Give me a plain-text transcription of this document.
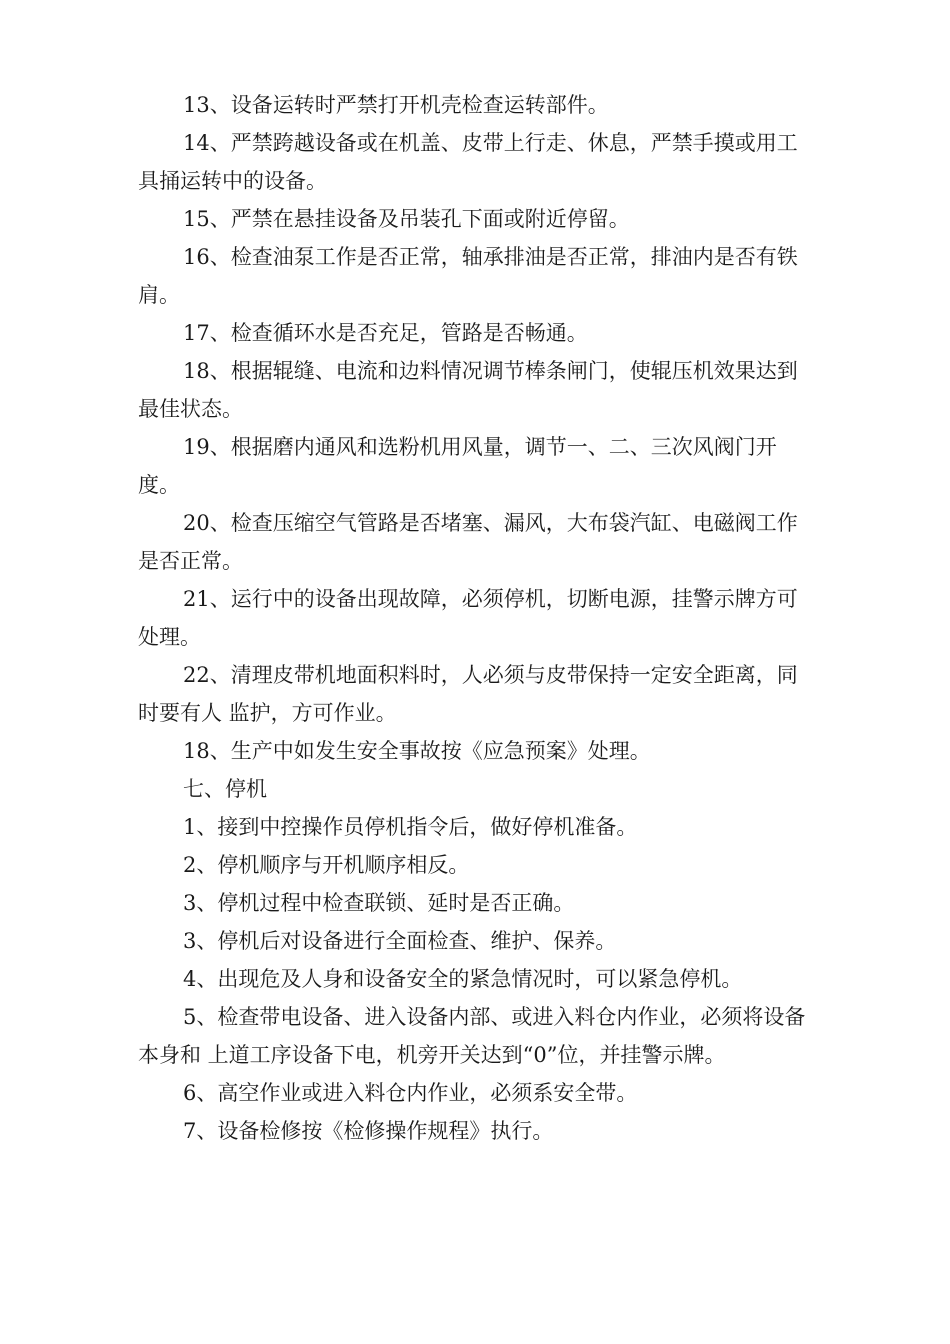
13、设备运转时严禁打开机壳检查运转部件。

14、严禁跨越设备或在机盖、皮带上行走、休息，严禁手摸或用工具捅运转中的设备。

15、严禁在悬挂设备及吊装孔下面或附近停留。

16、检查油泵工作是否正常，轴承排油是否正常，排油内是否有铁肩。

17、检查循环水是否充足，管路是否畅通。

18、根据辊缝、电流和边料情况调节棒条闸门，使辊压机效果达到最佳状态。

19、根据磨内通风和选粉机用风量，调节一、二、三次风阀门开度。

20、检查压缩空气管路是否堵塞、漏风，大布袋汽缸、电磁阀工作是否正常。

21、运行中的设备出现故障，必须停机，切断电源，挂警示牌方可处理。

22、清理皮带机地面积料时，人必须与皮带保持一定安全距离，同时要有人 监护，方可作业。

18、生产中如发生安全事故按《应急预案》处理。

七、停机

1、接到中控操作员停机指令后，做好停机准备。

2、停机顺序与开机顺序相反。

3、停机过程中检查联锁、延时是否正确。

3、停机后对设备进行全面检查、维护、保养。

4、出现危及人身和设备安全的紧急情况时，可以紧急停机。

5、检查带电设备、进入设备内部、或进入料仓内作业，必须将设备本身和 上道工序设备下电，机旁开关达到“0”位，并挂警示牌。

6、高空作业或进入料仓内作业，必须系安全带。

7、设备检修按《检修操作规程》执行。
